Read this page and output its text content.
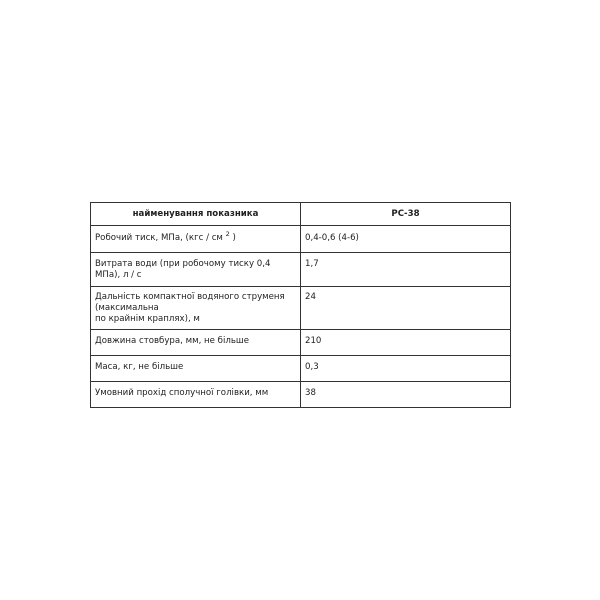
найменування показника	РС-38
Робочий тиск, МПа, (кгс / см $^2$ )	0,4-0,6 (4-6)
Витрата води (при робочому тиску 0,4 МПа), л / с	1,7

Дальність компактної водяного струменя
(максимальна
по крайнім краплях), м	24
Довжина стовбура, мм, не більше	210
Маса, кг, не більше	0,3
Умовний прохід сполучної голівки, мм	38
